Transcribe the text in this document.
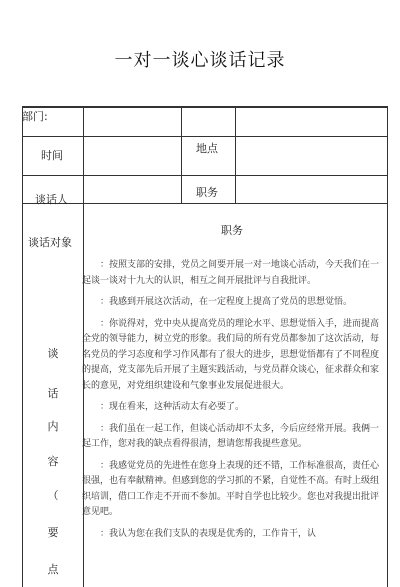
一对一谈心谈话记录
部门:
时间
地点
谈话人
职务
谈话对象
谈
话
内
容
（
要
点
职务

：按照支部的安排，党员之间要开展一对一地谈心活动，今天我们在一起谈一谈对十九大的认识，相互之间开展批评与自我批评。

：我感到开展这次活动，在一定程度上提高了党员的思想觉悟。

：你说得对，党中央从提高党员的理论水平、思想觉悟入手，进而提高全党的领导能力，树立党的形象。我们局的所有党员都参加了这次活动，每名党员的学习态度和学习作风都有了很大的进步，思想觉悟都有了不同程度的提高，党支部先后开展了主题实践活动，与党员群众谈心，征求群众和家长的意见，对党组织建设和气象事业发展促进很大。

：现在看来，这种活动太有必要了。

：我们虽在一起工作，但谈心活动却不太多，今后应经常开展。我俩一起工作，您对我的缺点看得很清，想请您帮我提些意见。

：我感觉党员的先进性在您身上表现的还不错，工作标准很高，责任心很强，也有奉献精神。但感到您的学习抓的不紧，自觉性不高。有时上级组织培训，借口工作走不开而不参加。平时自学也比较少。您也对我提出批评意见吧。

：我认为您在我们支队的表现是优秀的，工作肯干，认
